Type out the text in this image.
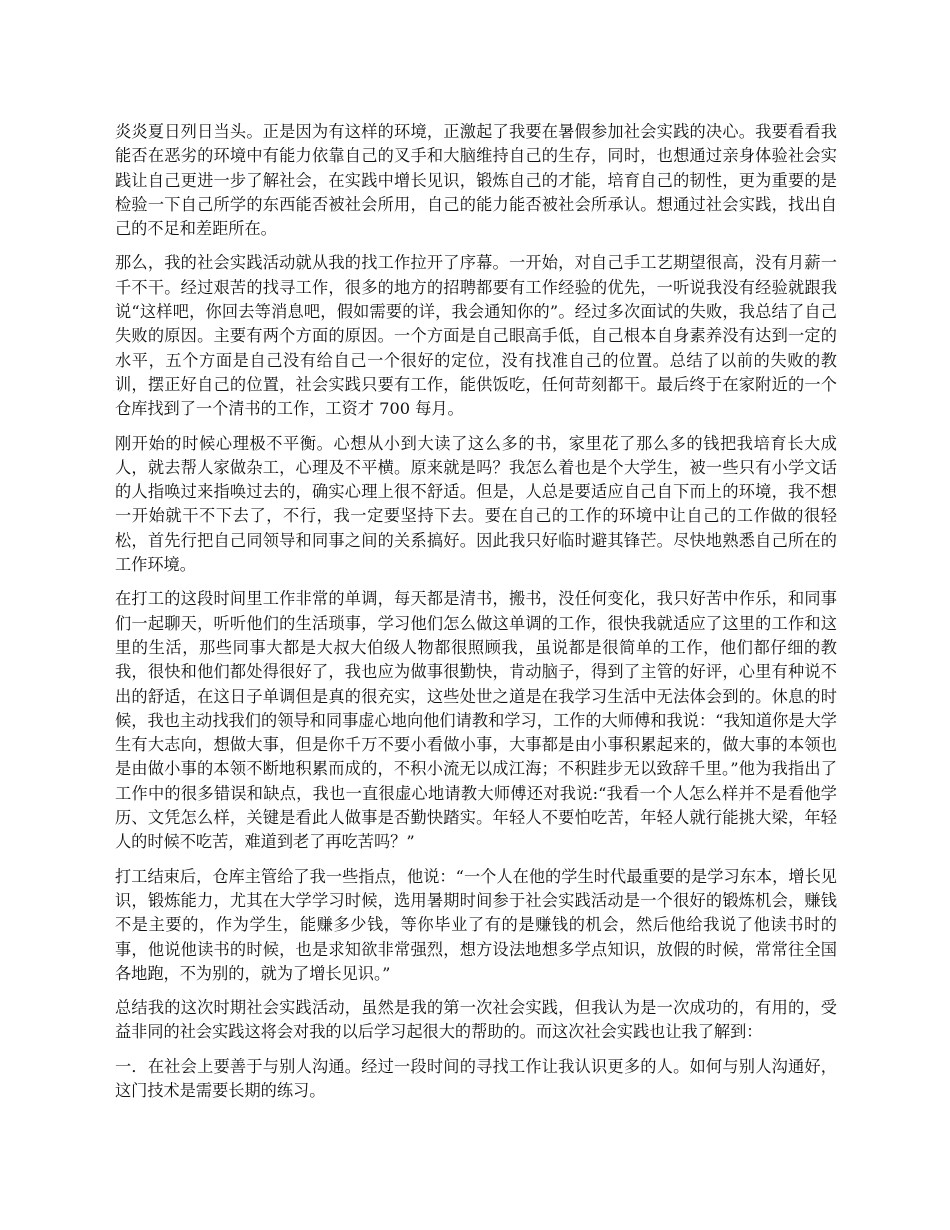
炎炎夏日列日当头。正是因为有这样的环境，正激起了我要在暑假参加社会实践的决心。我要看看我能否在恶劣的环境中有能力依靠自己的叉手和大脑维持自己的生存，同时，也想通过亲身体验社会实践让自己更进一步了解社会，在实践中增长见识，锻炼自己的才能，培育自己的韧性，更为重要的是检验一下自己所学的东西能否被社会所用，自己的能力能否被社会所承认。想通过社会实践，找出自己的不足和差距所在。

那么，我的社会实践活动就从我的找工作拉开了序幕。一开始，对自己手工艺期望很高，没有月薪一千不干。经过艰苦的找寻工作，很多的地方的招聘都要有工作经验的优先，一听说我没有经验就跟我说“这样吧，你回去等消息吧，假如需要的详，我会通知你的”。经过多次面试的失败，我总结了自己失败的原因。主要有两个方面的原因。一个方面是自己眼高手低，自己根本自身素养没有达到一定的水平，五个方面是自己没有给自己一个很好的定位，没有找准自己的位置。总结了以前的失败的教训，摆正好自己的位置，社会实践只要有工作，能供饭吃，任何苛刻都干。最后终于在家附近的一个仓库找到了一个清书的工作，工资才 700 每月。

刚开始的时候心理极不平衡。心想从小到大读了这么多的书，家里花了那么多的钱把我培育长大成人，就去帮人家做杂工，心理及不平横。原来就是吗？我怎么着也是个大学生，被一些只有小学文话的人指唤过来指唤过去的，确实心理上很不舒适。但是，人总是要适应自己自下而上的环境，我不想一开始就干不下去了，不行，我一定要坚持下去。要在自己的工作的环境中让自己的工作做的很轻松，首先行把自己同领导和同事之间的关系搞好。因此我只好临时避其锋芒。尽快地熟悉自己所在的工作环境。

在打工的这段时间里工作非常的单调，每天都是清书，搬书，没任何变化，我只好苦中作乐，和同事们一起聊天，听听他们的生活琐事，学习他们怎么做这单调的工作，很快我就适应了这里的工作和这里的生活，那些同事大都是大叔大伯级人物都很照顾我，虽说都是很简单的工作，他们都仔细的教我，很快和他们都处得很好了，我也应为做事很勤快，肯动脑子，得到了主管的好评，心里有种说不出的舒适，在这日子单调但是真的很充实，这些处世之道是在我学习生活中无法体会到的。休息的时候，我也主动找我们的领导和同事虚心地向他们请教和学习，工作的大师傅和我说：“我知道你是大学生有大志向，想做大事，但是你千万不要小看做小事，大事都是由小事积累起来的，做大事的本领也是由做小事的本领不断地积累而成的，不积小流无以成江海；不积跬步无以致辞千里。”他为我指出了工作中的很多错误和缺点，我也一直很虚心地请教大师傅还对我说:“我看一个人怎么样并不是看他学历、文凭怎么样，关键是看此人做事是否勤快踏实。年轻人不要怕吃苦，年轻人就行能挑大梁，年轻人的时候不吃苦，难道到老了再吃苦吗？”

打工结束后，仓库主管给了我一些指点，他说：“一个人在他的学生时代最重要的是学习东本，增长见识，锻炼能力，尤其在大学学习时候，选用暑期时间参于社会实践活动是一个很好的锻炼机会，赚钱不是主要的，作为学生，能赚多少钱，等你毕业了有的是赚钱的机会，然后他给我说了他读书时的事，他说他读书的时候，也是求知欲非常强烈，想方设法地想多学点知识，放假的时候，常常往全国各地跑，不为别的，就为了增长见识。”

总结我的这次时期社会实践活动，虽然是我的第一次社会实践，但我认为是一次成功的，有用的，受益非同的社会实践这将会对我的以后学习起很大的帮助的。而这次社会实践也让我了解到：

一．在社会上要善于与别人沟通。经过一段时间的寻找工作让我认识更多的人。如何与别人沟通好，这门技术是需要长期的练习。
